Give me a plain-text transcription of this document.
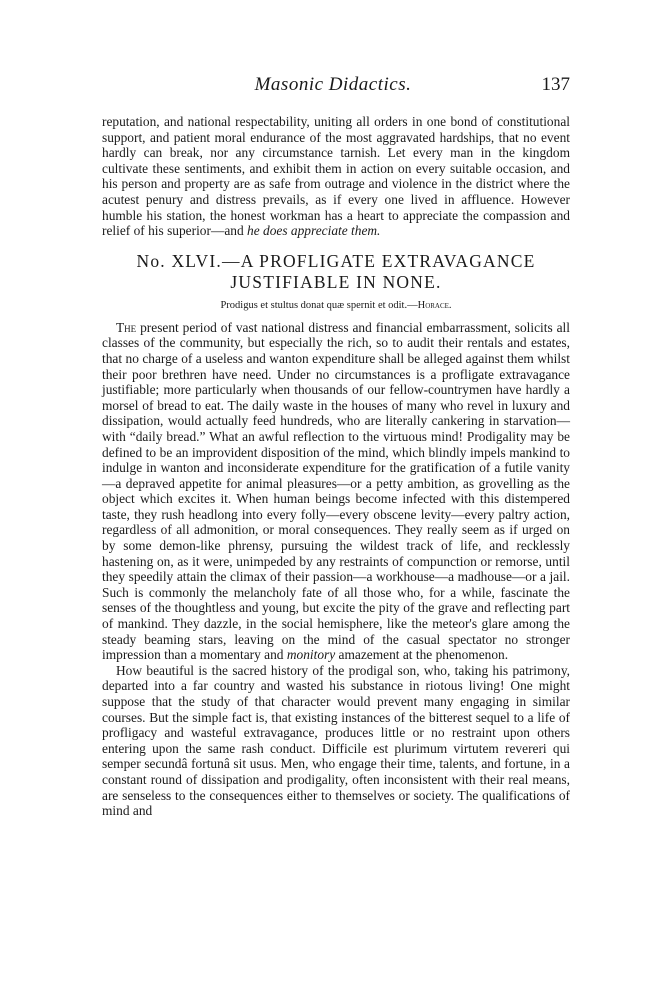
Masonic Didactics.	137

reputation, and national respectability, uniting all orders in one bond of constitutional support, and patient moral endurance of the most aggravated hardships, that no event hardly can break, nor any circumstance tarnish. Let every man in the kingdom cultivate these sentiments, and exhibit them in action on every suitable occasion, and his person and property are as safe from outrage and violence in the district where the acutest penury and distress prevails, as if every one lived in affluence. However humble his station, the honest workman has a heart to appreciate the compassion and relief of his superior—and he does appreciate them.

No. XLVI.—A PROFLIGATE EXTRAVAGANCE
JUSTIFIABLE IN NONE.
Prodigus et stultus donat quæ spernit et odit.—Horace.

The present period of vast national distress and financial embarrassment, solicits all classes of the community, but especially the rich, so to audit their rentals and estates, that no charge of a useless and wanton expenditure shall be alleged against them whilst their poor brethren have need. Under no circumstances is a profligate extravagance justifiable; more particularly when thousands of our fellow-countrymen have hardly a morsel of bread to eat. The daily waste in the houses of many who revel in luxury and dissipation, would actually feed hundreds, who are literally cankering in starvation—with “daily bread.” What an awful reflection to the virtuous mind! Prodigality may be defined to be an improvident disposition of the mind, which blindly impels mankind to indulge in wanton and inconsiderate expenditure for the gratification of a futile vanity—a depraved appetite for animal pleasures—or a petty ambition, as grovelling as the object which excites it. When human beings become infected with this distempered taste, they rush headlong into every folly—every obscene levity—every paltry action, regardless of all admonition, or moral consequences. They really seem as if urged on by some demon-like phrensy, pursuing the wildest track of life, and recklessly hastening on, as it were, unimpeded by any restraints of compunction or remorse, until they speedily attain the climax of their passion—a workhouse—a madhouse—or a jail. Such is commonly the melancholy fate of all those who, for a while, fascinate the senses of the thoughtless and young, but excite the pity of the grave and reflecting part of mankind. They dazzle, in the social hemisphere, like the meteor's glare among the steady beaming stars, leaving on the mind of the casual spectator no stronger impression than a momentary and monitory amazement at the phenomenon.

How beautiful is the sacred history of the prodigal son, who, taking his patrimony, departed into a far country and wasted his substance in riotous living! One might suppose that the study of that character would prevent many engaging in similar courses. But the simple fact is, that existing instances of the bitterest sequel to a life of profligacy and wasteful extravagance, produces little or no restraint upon others entering upon the same rash conduct. Difficile est plurimum virtutem revereri qui semper secundâ fortunâ sit usus. Men, who engage their time, talents, and fortune, in a constant round of dissipation and prodigality, often inconsistent with their real means, are senseless to the consequences either to themselves or society. The qualifications of mind and
